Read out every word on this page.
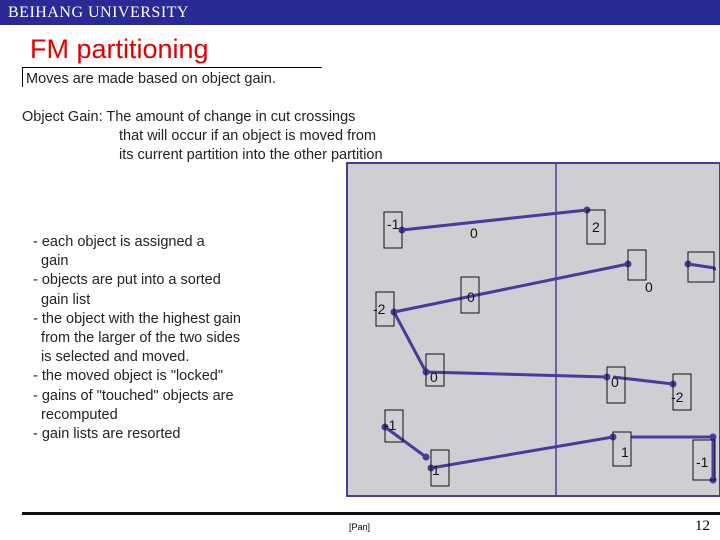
BEIHANG UNIVERSITY
FM partitioning
Moves are made based on object gain.
Object Gain: The amount of change in cut crossings
that will occur if an object is moved from
its current partition into the other partition
- each object is assigned a
gain
- objects are put into a sorted
gain list
- the object with the highest gain
from the larger of the two sides
is selected and moved.
- the moved object is "locked"
- gains of "touched" objects are
recomputed
- gain lists are resorted
-1
0	2
0
0
-2
0	0
-2
-1
1
1	-1
[Pan]	12
